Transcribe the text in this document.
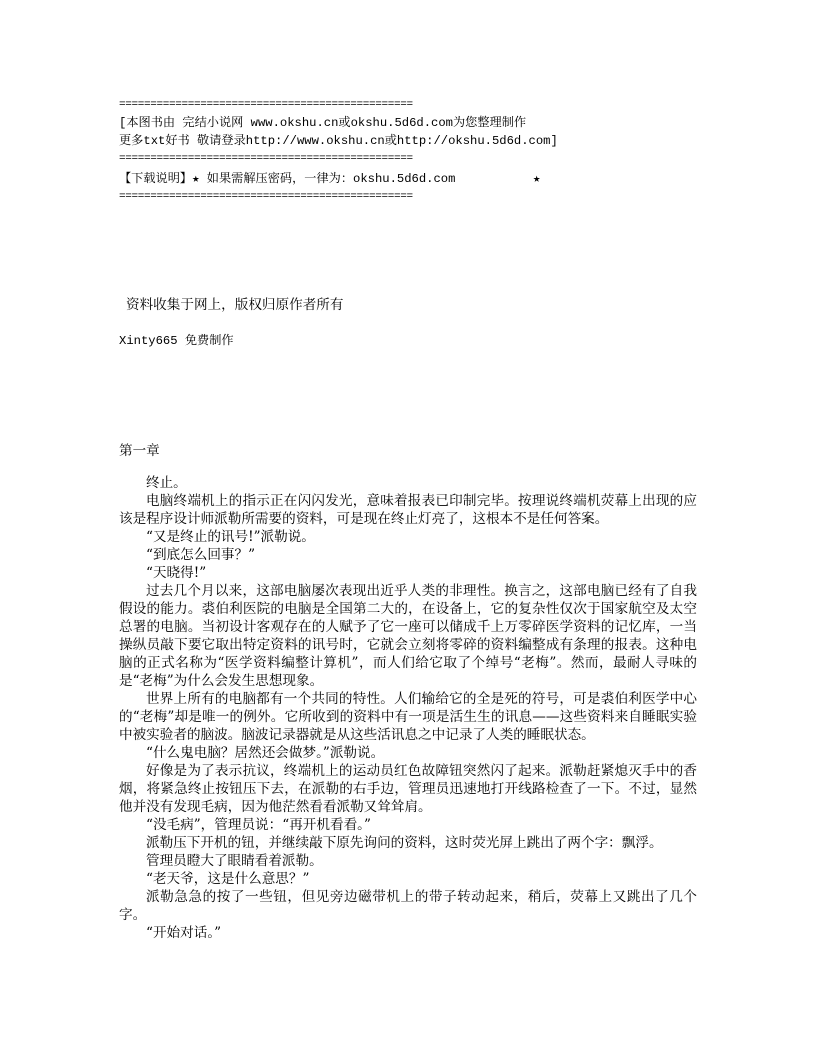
===============================================
[本图书由 完结小说网 www.okshu.cn或okshu.5d6d.com为您整理制作
更多txt好书 敬请登录http://www.okshu.cn或http://okshu.5d6d.com]
===============================================
【下载说明】★ 如果需解压密码，一律为：okshu.5d6d.com	★
===============================================
资料收集于网上，版权归原作者所有
Xinty665 免费制作
第一章

终止。

电脑终端机上的指示正在闪闪发光，意味着报表已印制完毕。按理说终端机荧幕上出现的应该是程序设计师派勒所需要的资料，可是现在终止灯亮了，这根本不是任何答案。

“又是终止的讯号!”派勒说。

“到底怎么回事？”

“天晓得!”

过去几个月以来，这部电脑屡次表现出近乎人类的非理性。换言之，这部电脑已经有了自我假设的能力。裘伯利医院的电脑是全国第二大的，在设备上，它的复杂性仅次于国家航空及太空总署的电脑。当初设计客观存在的人赋予了它一座可以储成千上万零碎医学资料的记忆库，一当操纵员敲下要它取出特定资料的讯号时，它就会立刻将零碎的资料编整成有条理的报表。这种电脑的正式名称为“医学资料编整计算机”，而人们给它取了个绰号“老梅”。然而，最耐人寻味的是“老梅”为什么会发生思想现象。

世界上所有的电脑都有一个共同的特性。人们输给它的全是死的符号，可是裘伯利医学中心的“老梅”却是唯一的例外。它所收到的资料中有一项是活生生的讯息——这些资料来自睡眠实验中被实验者的脑波。脑波记录器就是从这些活讯息之中记录了人类的睡眠状态。

“什么鬼电脑？居然还会做梦。”派勒说。

好像是为了表示抗议，终端机上的运动员红色故障钮突然闪了起来。派勒赶紧熄灭手中的香烟，将紧急终止按钮压下去，在派勒的右手边，管理员迅速地打开线路检查了一下。不过，显然他并没有发现毛病，因为他茫然看看派勒又耸耸肩。

“没毛病”，管理员说：“再开机看看。”

派勒压下开机的钮，并继续敲下原先询问的资料，这时荧光屏上跳出了两个字：飘浮。

管理员瞪大了眼睛看着派勒。

“老天爷，这是什么意思？”

派勒急急的按了一些钮，但见旁边磁带机上的带子转动起来，稍后，荧幕上又跳出了几个字。

“开始对话。”
